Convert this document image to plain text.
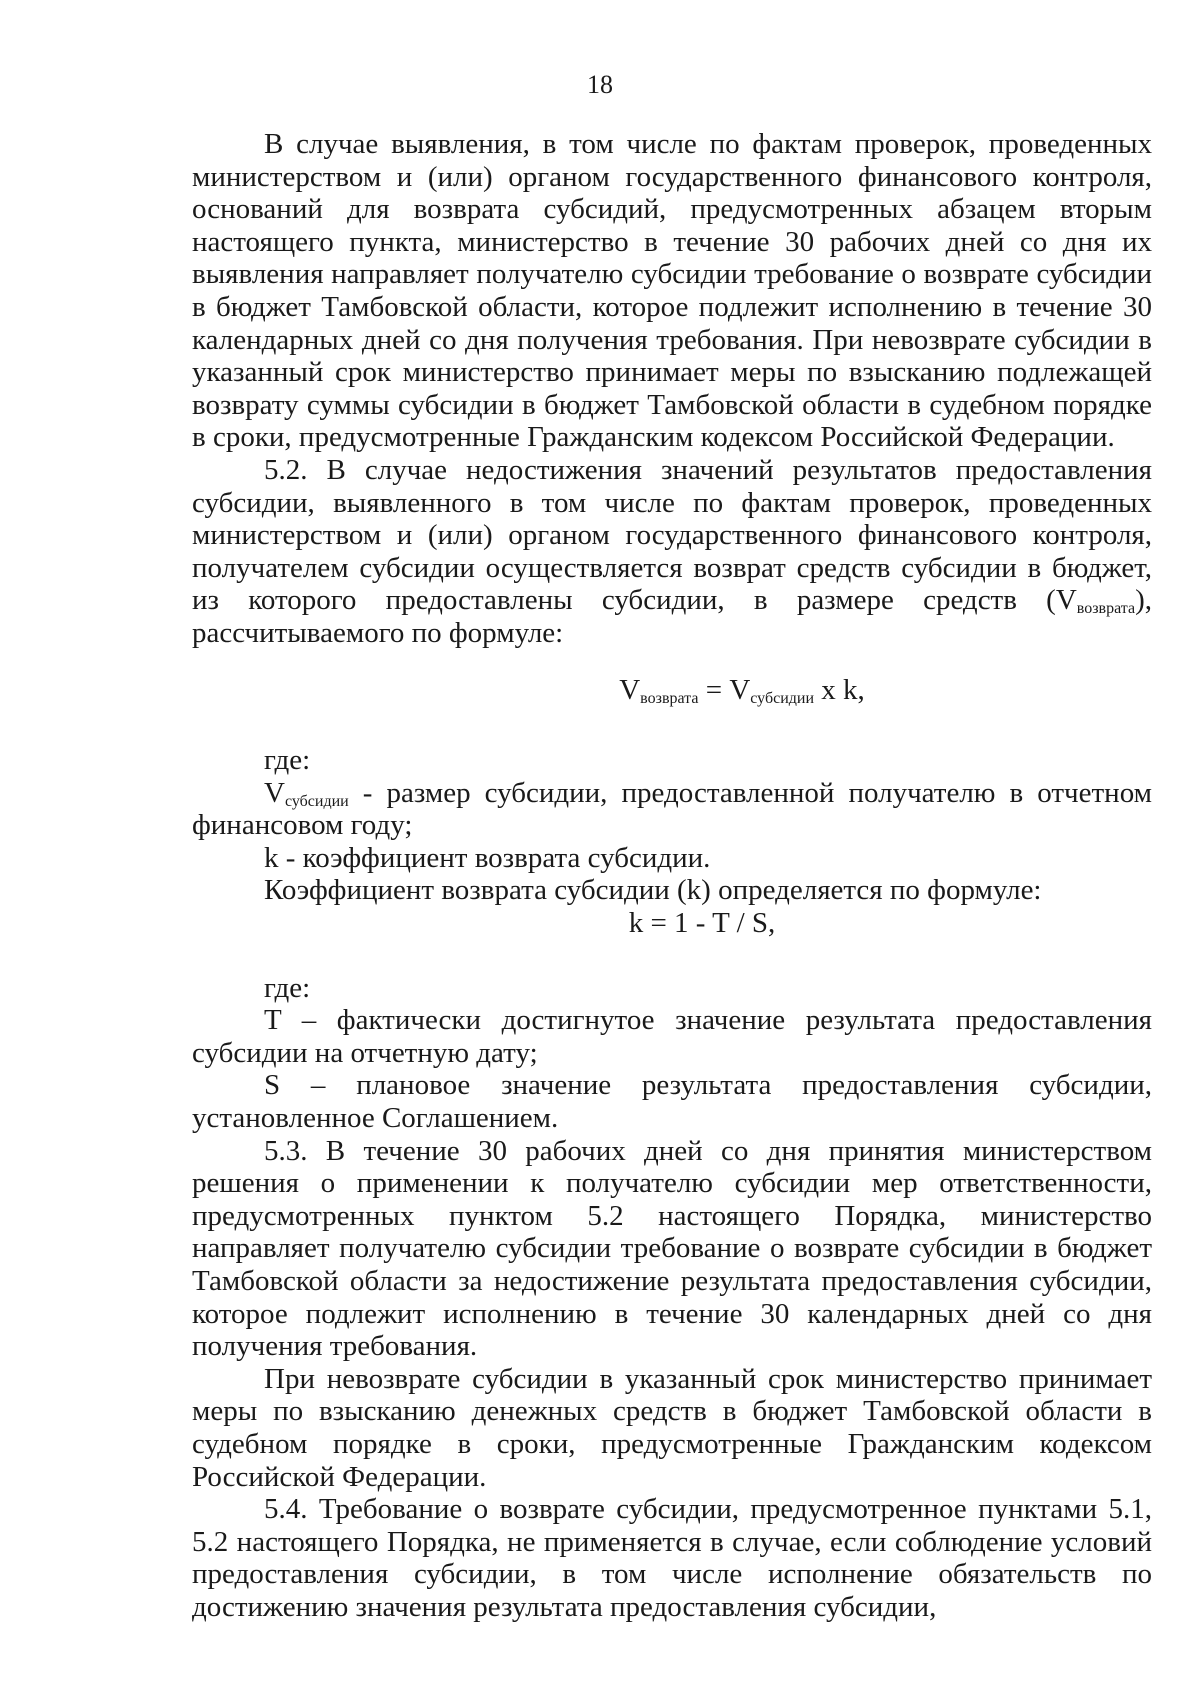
18

В случае выявления, в том числе по фактам проверок, проведенных министерством и (или) органом государственного финансового контроля, оснований для возврата субсидий, предусмотренных абзацем вторым настоящего пункта, министерство в течение 30 рабочих дней со дня их выявления направляет получателю субсидии требование о возврате субсидии в бюджет Тамбовской области, которое подлежит исполнению в течение 30 календарных дней со дня получения требования. При невозврате субсидии в указанный срок министерство принимает меры по взысканию подлежащей возврату суммы субсидии в бюджет Тамбовской области в судебном порядке в сроки, предусмотренные Гражданским кодексом Российской Федерации.

5.2. В случае недостижения значений результатов предоставления субсидии, выявленного в том числе по фактам проверок, проведенных министерством и (или) органом государственного финансового контроля, получателем субсидии осуществляется возврат средств субсидии в бюджет, из которого предоставлены субсидии, в размере средств $(V_{возврата})$,

рассчитываемого по формуле:

$V_{возврата} = V_{субсидии}$ x k,

где:

$V_{субсидии}$ - размер субсидии, предоставленной получателю в отчетном финансовом году;

k - коэффициент возврата субсидии.

Коэффициент возврата субсидии (k) определяется по формуле:

k = 1 - T / S,

где:

T – фактически достигнутое значение результата предоставления субсидии на отчетную дату;

S – плановое значение результата предоставления субсидии, установленное Соглашением.

5.3. В течение 30 рабочих дней со дня принятия министерством решения о применении к получателю субсидии мер ответственности, предусмотренных пунктом 5.2 настоящего Порядка, министерство направляет получателю субсидии требование о возврате субсидии в бюджет Тамбовской области за недостижение результата предоставления субсидии, которое подлежит исполнению в течение 30 календарных дней со дня получения требования.

При невозврате субсидии в указанный срок министерство принимает меры по взысканию денежных средств в бюджет Тамбовской области в судебном порядке в сроки, предусмотренные Гражданским кодексом Российской Федерации.

5.4. Требование о возврате субсидии, предусмотренное пунктами 5.1, 5.2 настоящего Порядка, не применяется в случае, если соблюдение условий предоставления субсидии, в том числе исполнение обязательств по достижению значения результата предоставления субсидии,
